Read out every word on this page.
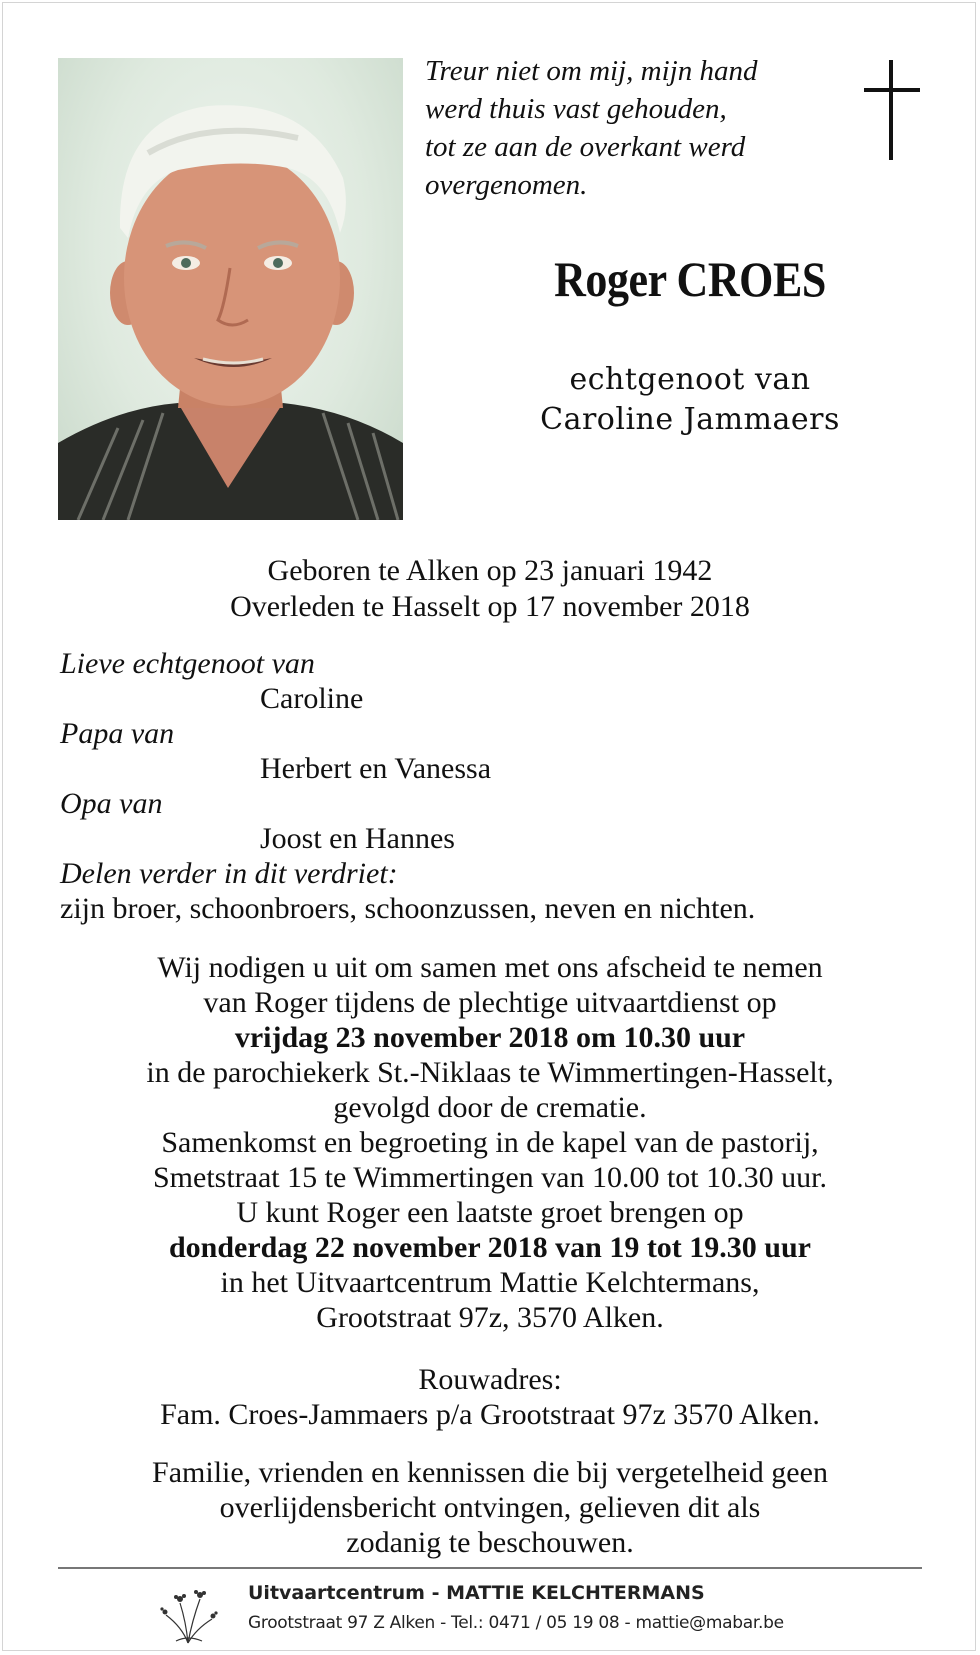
Treur niet om mij, mijn hand
werd thuis vast gehouden,
tot ze aan de overkant werd
overgenomen.
Roger CROES
echtgenoot van
Caroline Jammaers
Geboren te Alken op 23 januari 1942
Overleden te Hasselt op 17 november 2018
Lieve echtgenoot van
Caroline
Papa van
Herbert en Vanessa
Opa van
Joost en Hannes
Delen verder in dit verdriet:
zijn broer, schoonbroers, schoonzussen, neven en nichten.
Wij nodigen u uit om samen met ons afscheid te nemen
van Roger tijdens de plechtige uitvaartdienst op
vrijdag 23 november 2018 om 10.30 uur
in de parochiekerk St.-Niklaas te Wimmertingen-Hasselt,
gevolgd door de crematie.
Samenkomst en begroeting in de kapel van de pastorij,
Smetstraat 15 te Wimmertingen van 10.00 tot 10.30 uur.
U kunt Roger een laatste groet brengen op
donderdag 22 november 2018 van 19 tot 19.30 uur
in het Uitvaartcentrum Mattie Kelchtermans,
Grootstraat 97z, 3570 Alken.
Rouwadres:
Fam. Croes-Jammaers p/a Grootstraat 97z 3570 Alken.
Familie, vrienden en kennissen die bij vergetelheid geen
overlijdensbericht ontvingen, gelieven dit als
zodanig te beschouwen.
Uitvaartcentrum - MATTIE KELCHTERMANS
Grootstraat 97 Z Alken - Tel.: 0471 / 05 19 08 - mattie@mabar.be
